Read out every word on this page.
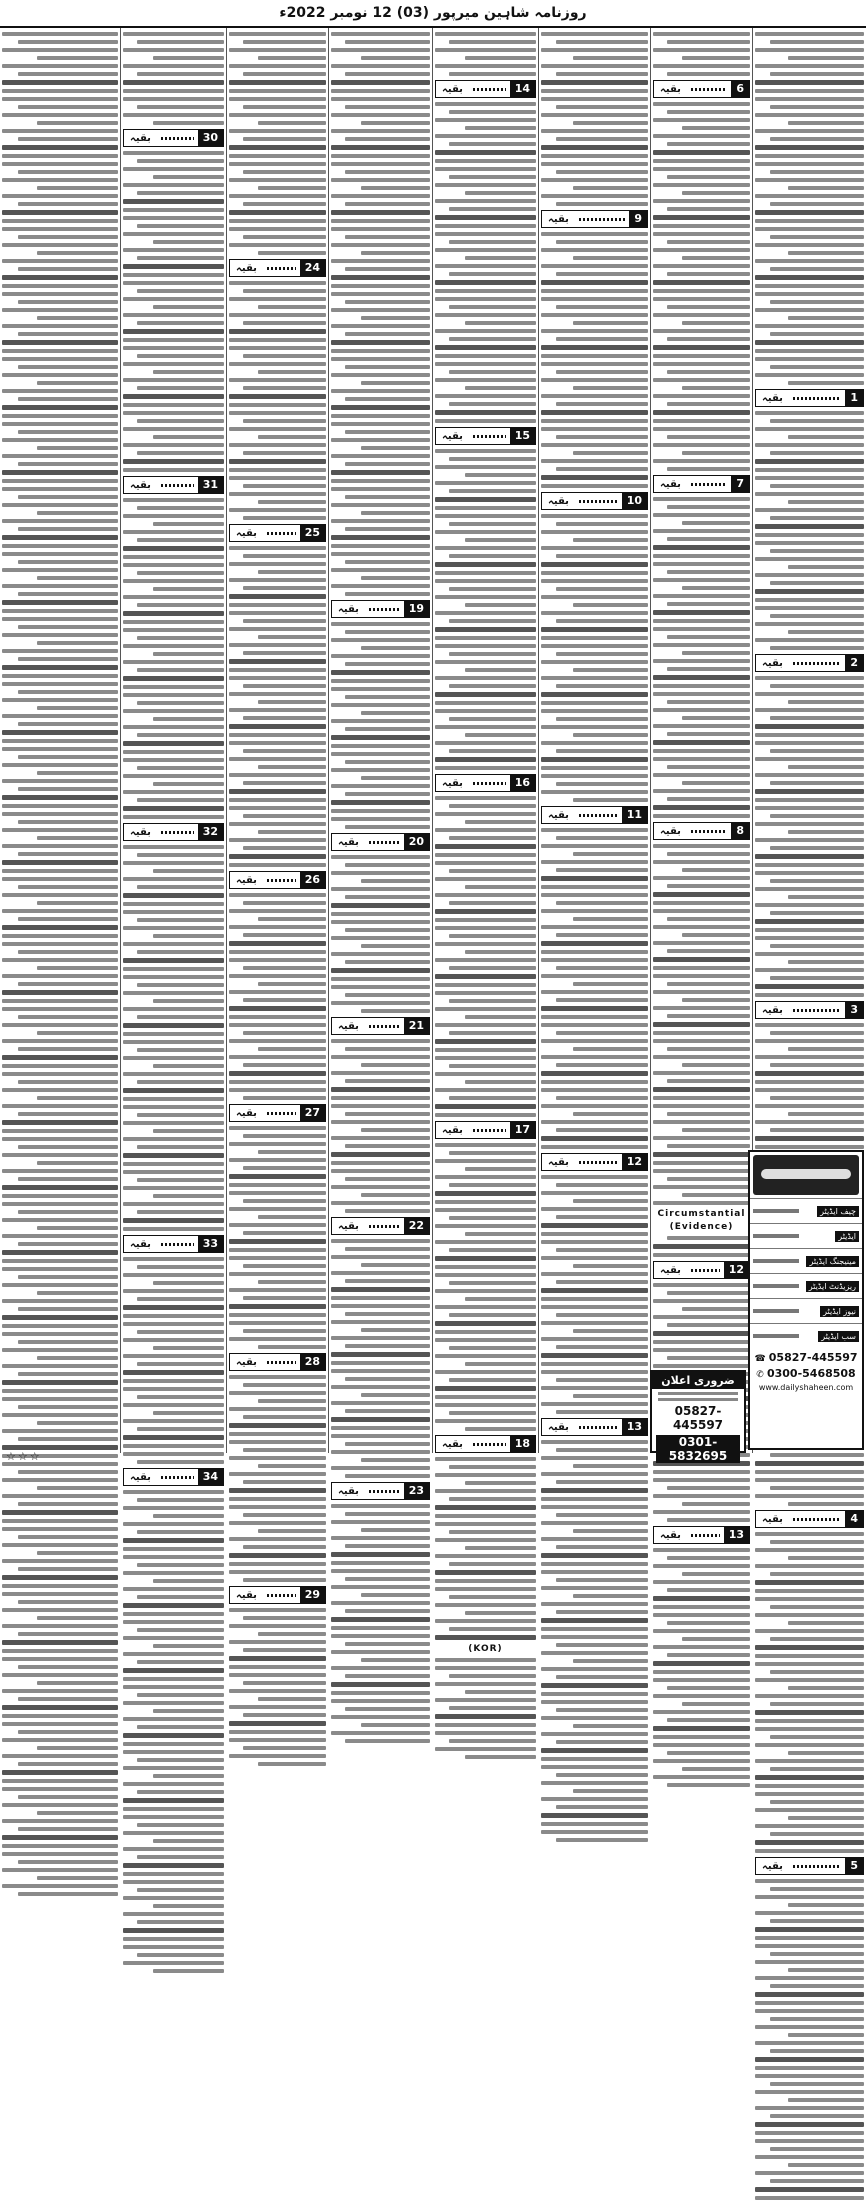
روزنامہ شاہین میرپور (03) 12 نومبر 2022ء
بقیہ	1
بقیہ	2
بقیہ	3
بقیہ	4
بقیہ	5
بقیہ	6
بقیہ	7
بقیہ	8
Circumstantial
(Evidence)
بقیہ	12
بقیہ	13
بقیہ	9
بقیہ	10
بقیہ	11
بقیہ	12
بقیہ	13
بقیہ	14
بقیہ	15
بقیہ	16
بقیہ	17
بقیہ	18
(KOR)
بقیہ	19
بقیہ	20
بقیہ	21
بقیہ	22
بقیہ	23
بقیہ	24
بقیہ	25
بقیہ	26
بقیہ	27
بقیہ	28
بقیہ	29
بقیہ	30
بقیہ	31
بقیہ	32
بقیہ	33
بقیہ	34
چیف ایڈیٹر
ایڈیٹر
مینیجنگ ایڈیٹر
ریزیڈنٹ ایڈیٹر
نیوز ایڈیٹر
سب ایڈیٹر
☎ 05827-445597
✆ 0300-5468508
www.dailyshaheen.com
ضروری اعلان
05827-445597
0301-5832695
☆☆☆
